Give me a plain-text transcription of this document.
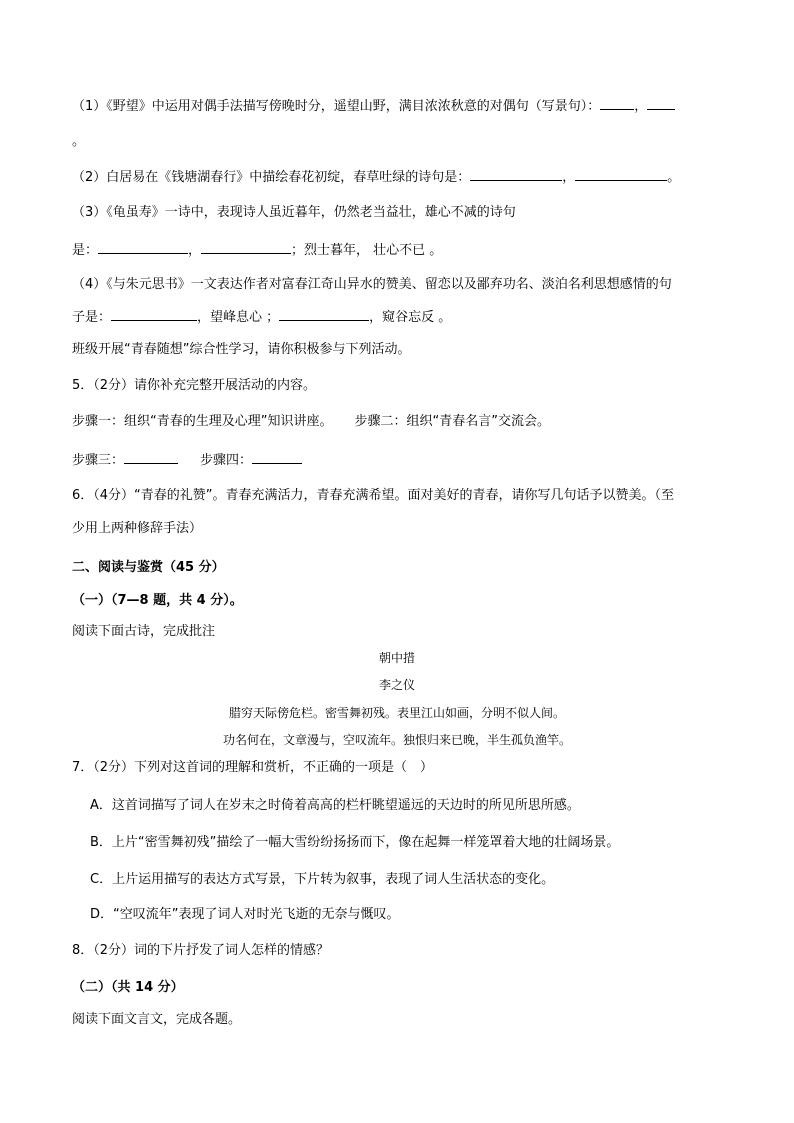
（1）《野望》中运用对偶手法描写傍晚时分，遥望山野，满目浓浓秋意的对偶句（写景句）：	，
。
（2）白居易在《钱塘湖春行》中描绘春花初绽，春草吐绿的诗句是：	，	。
（3）《龟虽寿》一诗中，表现诗人虽近暮年，仍然老当益壮，雄心不减的诗句
是：	，	；烈士暮年， 壮心不已 。
（4）《与朱元思书》一文表达作者对富春江奇山异水的赞美、留恋以及鄙弃功名、淡泊名利思想感情的句
子是：	，望峰息心 ；	，窥谷忘反 。
班级开展“青春随想”综合性学习，请你积极参与下列活动。
5．（2分）请你补充完整开展活动的内容。
步骤一：组织“青春的生理及心理”知识讲座。 步骤二：组织“青春名言”交流会。
步骤三：	步骤四：
6．（4分）“青春的礼赞”。青春充满活力，青春充满希望。面对美好的青春，请你写几句话予以赞美。（至
少用上两种修辞手法）
二、阅读与鉴赏（45 分）
（一）（7—8 题，共 4 分）。
阅读下面古诗，完成批注
朝中措
李之仪
腊穷天际傍危栏。密雪舞初残。表里江山如画，分明不似人间。
功名何在，文章漫与，空叹流年。独恨归来已晚，半生孤负渔竿。
7．（2分）下列对这首词的理解和赏析，不正确的一项是（　）
A．这首词描写了词人在岁末之时倚着高高的栏杆眺望遥远的天边时的所见所思所感。
B．上片“密雪舞初残”描绘了一幅大雪纷纷扬扬而下，像在起舞一样笼罩着大地的壮阔场景。
C．上片运用描写的表达方式写景，下片转为叙事，表现了词人生活状态的变化。
D．“空叹流年”表现了词人对时光飞逝的无奈与慨叹。
8．（2分）词的下片抒发了词人怎样的情感？
（二）（共 14 分）
阅读下面文言文，完成各题。
